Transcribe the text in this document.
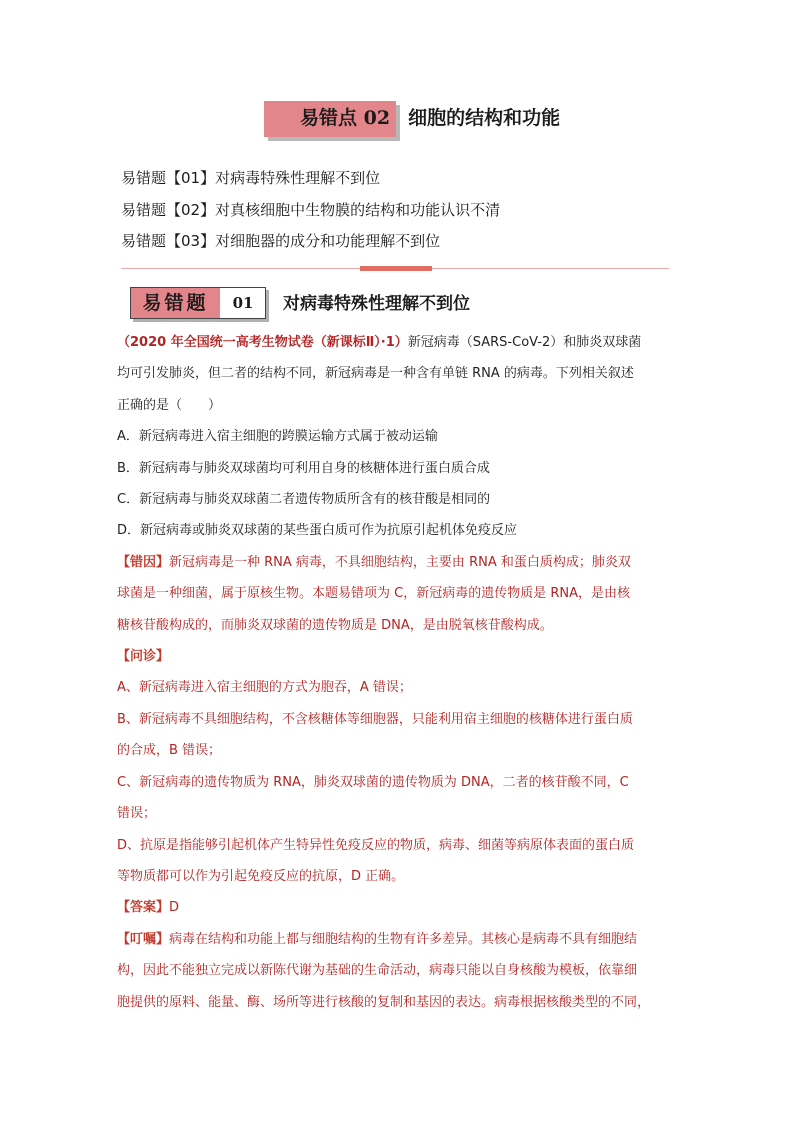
易错点 02 细胞的结构和功能
易错题【01】对病毒特殊性理解不到位
易错题【02】对真核细胞中生物膜的结构和功能认识不清
易错题【03】对细胞器的成分和功能理解不到位
易错题	01	对病毒特殊性理解不到位

（2020 年全国统一高考生物试卷（新课标Ⅱ）·1）新冠病毒（SARS-CoV-2）和肺炎双球菌

均可引发肺炎，但二者的结构不同，新冠病毒是一种含有单链 RNA 的病毒。下列相关叙述

正确的是（　　）

A．新冠病毒进入宿主细胞的跨膜运输方式属于被动运输

B．新冠病毒与肺炎双球菌均可利用自身的核糖体进行蛋白质合成

C．新冠病毒与肺炎双球菌二者遗传物质所含有的核苷酸是相同的

D．新冠病毒或肺炎双球菌的某些蛋白质可作为抗原引起机体免疫反应

【错因】新冠病毒是一种 RNA 病毒，不具细胞结构，主要由 RNA 和蛋白质构成；肺炎双

球菌是一种细菌，属于原核生物。本题易错项为 C，新冠病毒的遗传物质是 RNA，是由核

糖核苷酸构成的，而肺炎双球菌的遗传物质是 DNA，是由脱氧核苷酸构成。

【问诊】

A、新冠病毒进入宿主细胞的方式为胞吞，A 错误；

B、新冠病毒不具细胞结构，不含核糖体等细胞器，只能利用宿主细胞的核糖体进行蛋白质

的合成，B 错误；

C、新冠病毒的遗传物质为 RNA，肺炎双球菌的遗传物质为 DNA，二者的核苷酸不同，C

错误；

D、抗原是指能够引起机体产生特异性免疫反应的物质，病毒、细菌等病原体表面的蛋白质

等物质都可以作为引起免疫反应的抗原，D 正确。

【答案】D

【叮嘱】病毒在结构和功能上都与细胞结构的生物有许多差异。其核心是病毒不具有细胞结

构，因此不能独立完成以新陈代谢为基础的生命活动，病毒只能以自身核酸为模板，依靠细

胞提供的原料、能量、酶、场所等进行核酸的复制和基因的表达。病毒根据核酸类型的不同，
